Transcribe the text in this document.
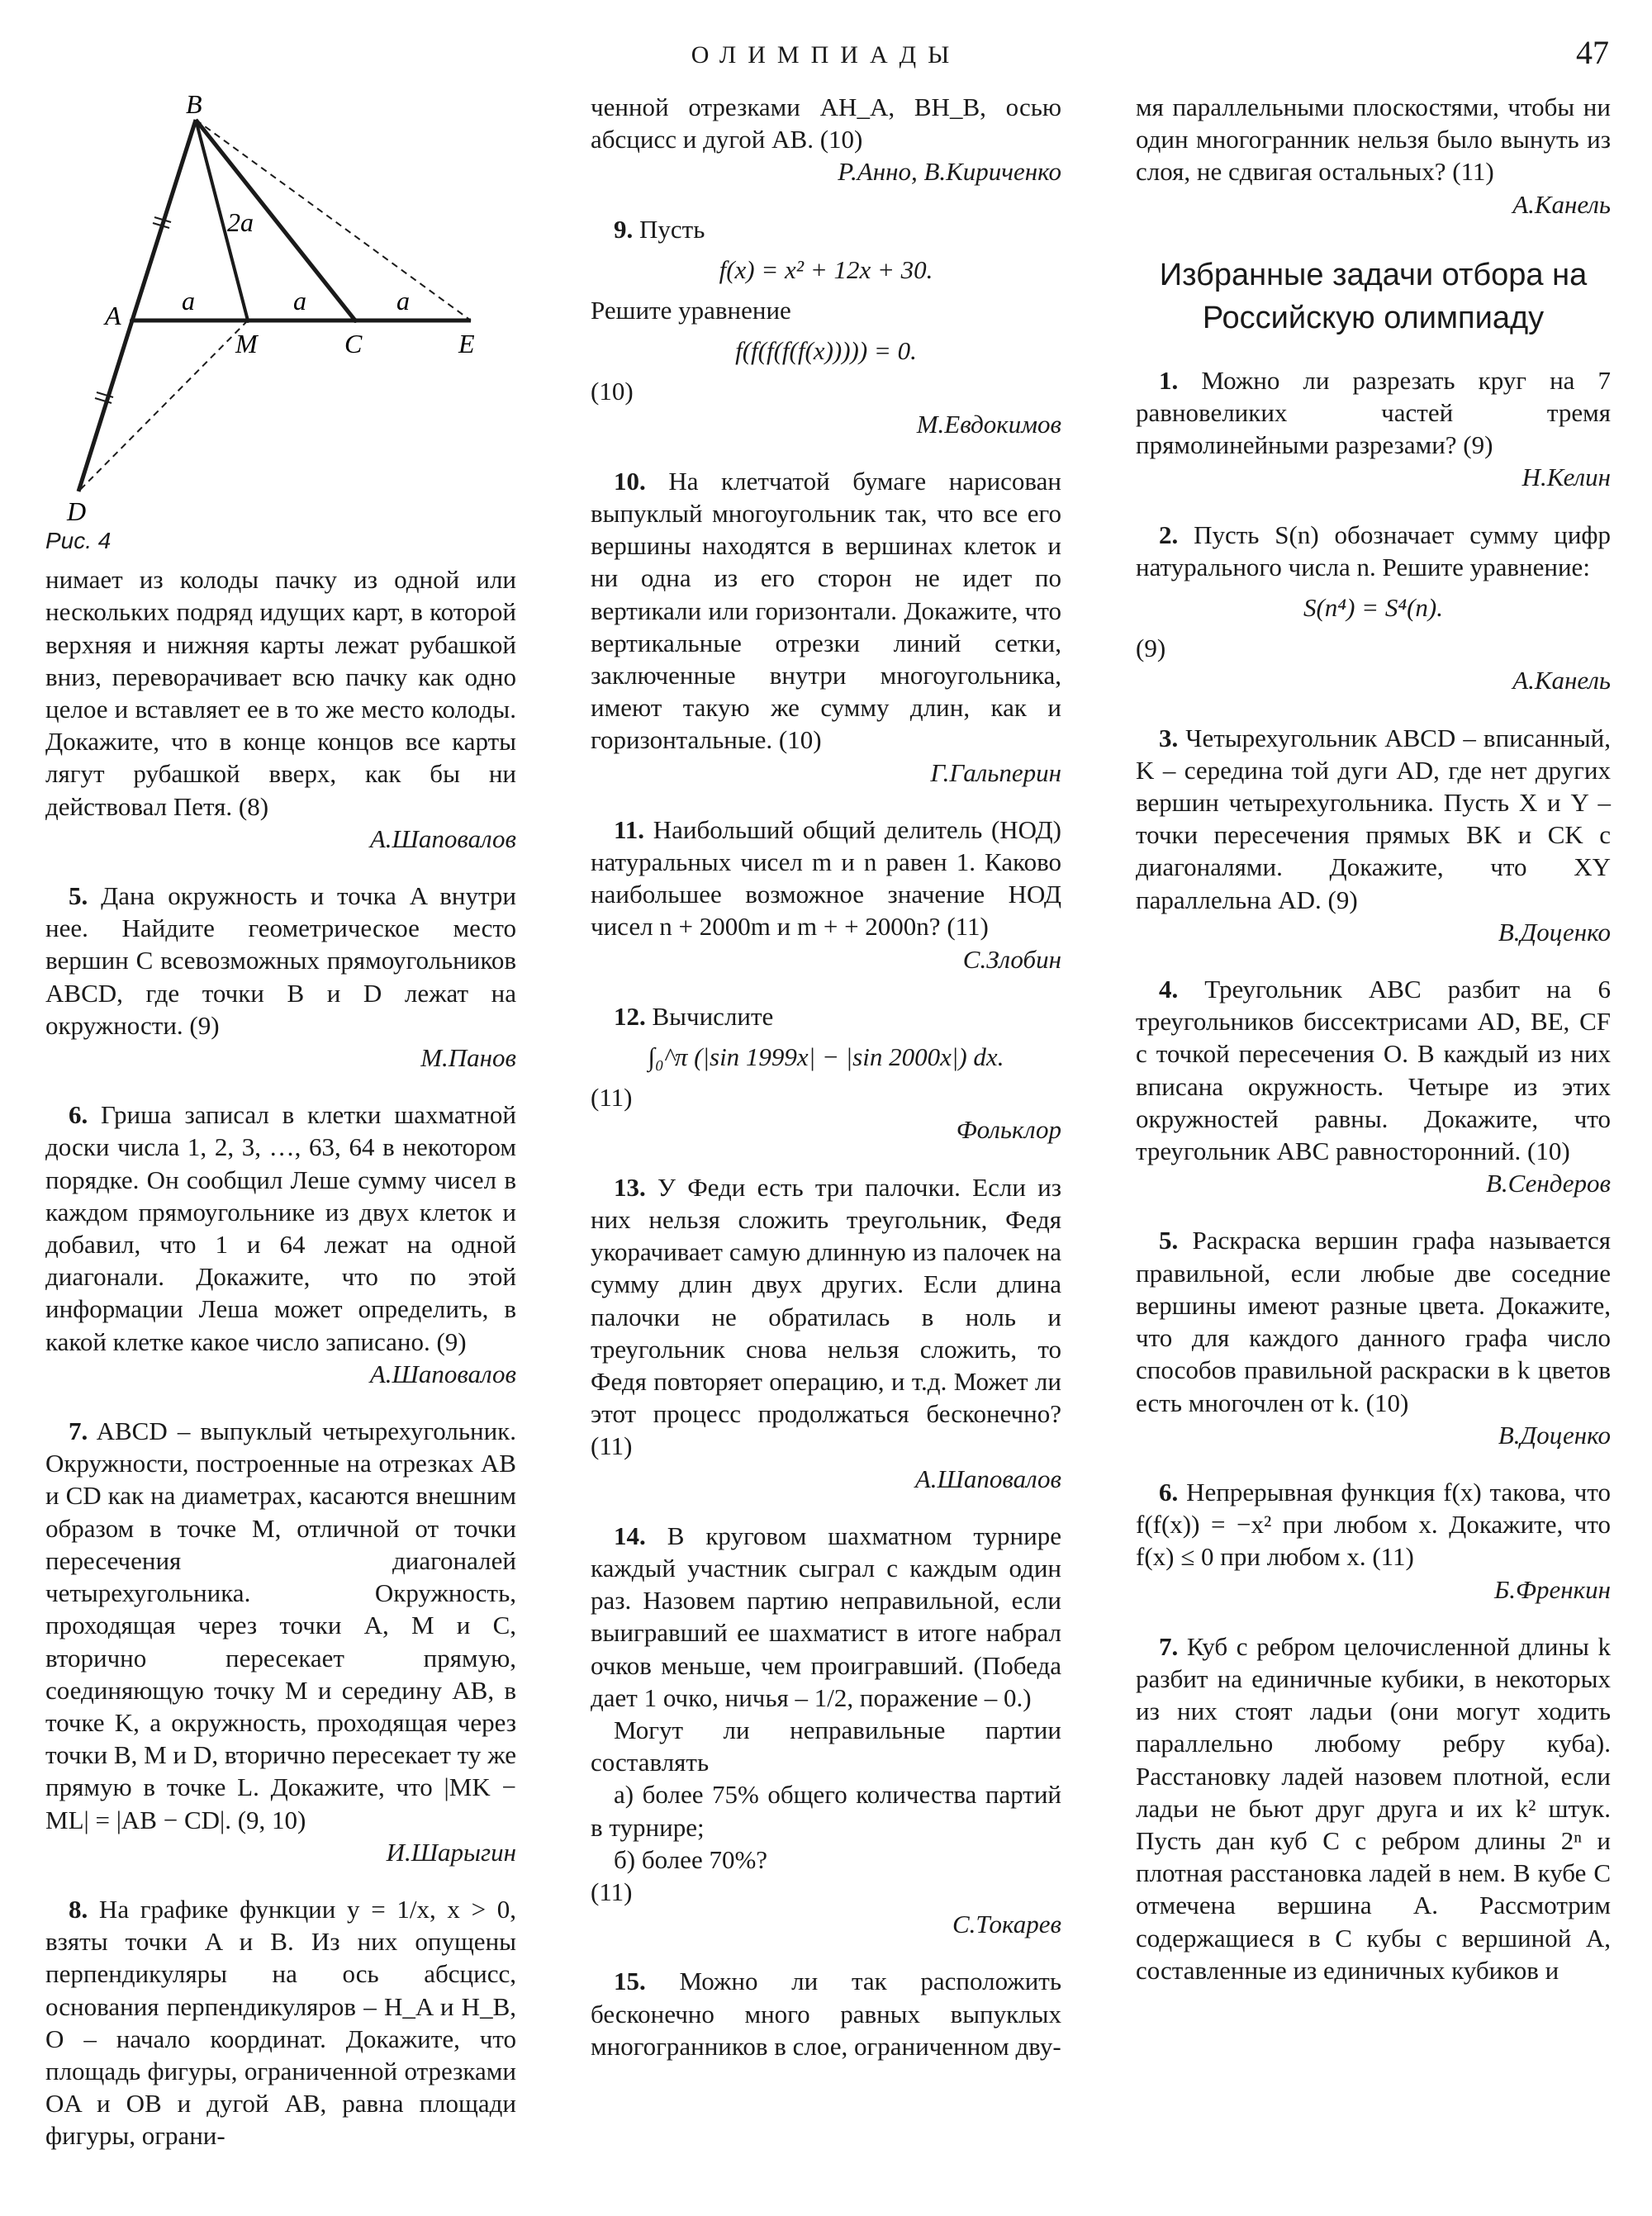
ОЛИМПИАДЫ	47
B
A
M	C	E
D
2a
a	a	a

Рис. 4

нимает из колоды пачку из одной или нескольких подряд идущих карт, в которой верхняя и нижняя карты лежат рубашкой вниз, переворачивает всю пачку как одно целое и вставляет ее в то же место колоды. Докажите, что в конце концов все карты лягут рубашкой вверх, как бы ни действовал Петя. (8)

А.Шаповалов

5. Дана окружность и точка A внутри нее. Найдите геометрическое место вершин C всевозможных прямоугольников ABCD, где точки B и D лежат на окружности. (9)

М.Панов

6. Гриша записал в клетки шахматной доски числа 1, 2, 3, …, 63, 64 в некотором порядке. Он сообщил Леше сумму чисел в каждом прямоугольнике из двух клеток и добавил, что 1 и 64 лежат на одной диагонали. Докажите, что по этой информации Леша может определить, в какой клетке какое число записано. (9)

А.Шаповалов

7. ABCD – выпуклый четырехугольник. Окружности, построенные на отрезках AB и CD как на диаметрах, касаются внешним образом в точке M, отличной от точки пересечения диагоналей четырехугольника. Окружность, проходящая через точки A, M и C, вторично пересекает прямую, соединяющую точку M и середину AB, в точке K, а окружность, проходящая через точки B, M и D, вторично пересекает ту же прямую в точке L. Докажите, что |MK − ML| = |AB − CD|. (9, 10)

И.Шарыгин

8. На графике функции y = 1/x, x > 0, взяты точки A и B. Из них опущены перпендикуляры на ось абсцисс, основания перпендикуляров – H_A и H_B, O – начало координат. Докажите, что площадь фигуры, ограниченной отрезками OA и OB и дугой AB, равна площади фигуры, ограни-

ченной отрезками AH_A, BH_B, осью абсцисс и дугой AB. (10)

Р.Анно, В.Кириченко

9. Пусть

f(x) = x² + 12x + 30.

Решите уравнение

f(f(f(f(f(x))))) = 0.

(10)

М.Евдокимов

10. На клетчатой бумаге нарисован выпуклый многоугольник так, что все его вершины находятся в вершинах клеток и ни одна из его сторон не идет по вертикали или горизонтали. Докажите, что вертикальные отрезки линий сетки, заключенные внутри многоугольника, имеют такую же сумму длин, как и горизонтальные. (10)

Г.Гальперин

11. Наибольший общий делитель (НОД) натуральных чисел m и n равен 1. Каково наибольшее возможное значение НОД чисел n + 2000m и m + + 2000n? (11)

С.Злобин

12. Вычислите

∫₀^π (|sin 1999x| − |sin 2000x|) dx.

(11)

Фольклор

13. У Феди есть три палочки. Если из них нельзя сложить треугольник, Федя укорачивает самую длинную из палочек на сумму длин двух других. Если длина палочки не обратилась в ноль и треугольник снова нельзя сложить, то Федя повторяет операцию, и т.д. Может ли этот процесс продолжаться бесконечно? (11)

А.Шаповалов

14. В круговом шахматном турнире каждый участник сыграл с каждым один раз. Назовем партию неправильной, если выигравший ее шахматист в итоге набрал очков меньше, чем проигравший. (Победа дает 1 очко, ничья – 1/2, поражение – 0.)

Могут ли неправильные партии составлять

а) более 75% общего количества партий в турнире;

б) более 70%?

(11)

С.Токарев

15. Можно ли так расположить бесконечно много равных выпуклых многогранников в слое, ограниченном дву-

мя параллельными плоскостями, чтобы ни один многогранник нельзя было вынуть из слоя, не сдвигая остальных? (11)

А.Канель

Избранные задачи отбора на Российскую олимпиаду

1. Можно ли разрезать круг на 7 равновеликих частей тремя прямолинейными разрезами? (9)

Н.Келин

2. Пусть S(n) обозначает сумму цифр натурального числа n. Решите уравнение:

S(n⁴) = S⁴(n).

(9)

А.Канель

3. Четырехугольник ABCD – вписанный, K – середина той дуги AD, где нет других вершин четырехугольника. Пусть X и Y – точки пересечения прямых BK и CK с диагоналями. Докажите, что XY параллельна AD. (9)

В.Доценко

4. Треугольник ABC разбит на 6 треугольников биссектрисами AD, BE, CF с точкой пересечения O. В каждый из них вписана окружность. Четыре из этих окружностей равны. Докажите, что треугольник ABC равносторонний. (10)

В.Сендеров

5. Раскраска вершин графа называется правильной, если любые две соседние вершины имеют разные цвета. Докажите, что для каждого данного графа число способов правильной раскраски в k цветов есть многочлен от k. (10)

В.Доценко

6. Непрерывная функция f(x) такова, что f(f(x)) = −x² при любом x. Докажите, что f(x) ≤ 0 при любом x. (11)

Б.Френкин

7. Куб с ребром целочисленной длины k разбит на единичные кубики, в некоторых из них стоят ладьи (они могут ходить параллельно любому ребру куба). Расстановку ладей назовем плотной, если ладьи не бьют друг друга и их k² штук. Пусть дан куб C с ребром длины 2ⁿ и плотная расстановка ладей в нем. В кубе C отмечена вершина A. Рассмотрим содержащиеся в C кубы с вершиной A, составленные из единичных кубиков и
